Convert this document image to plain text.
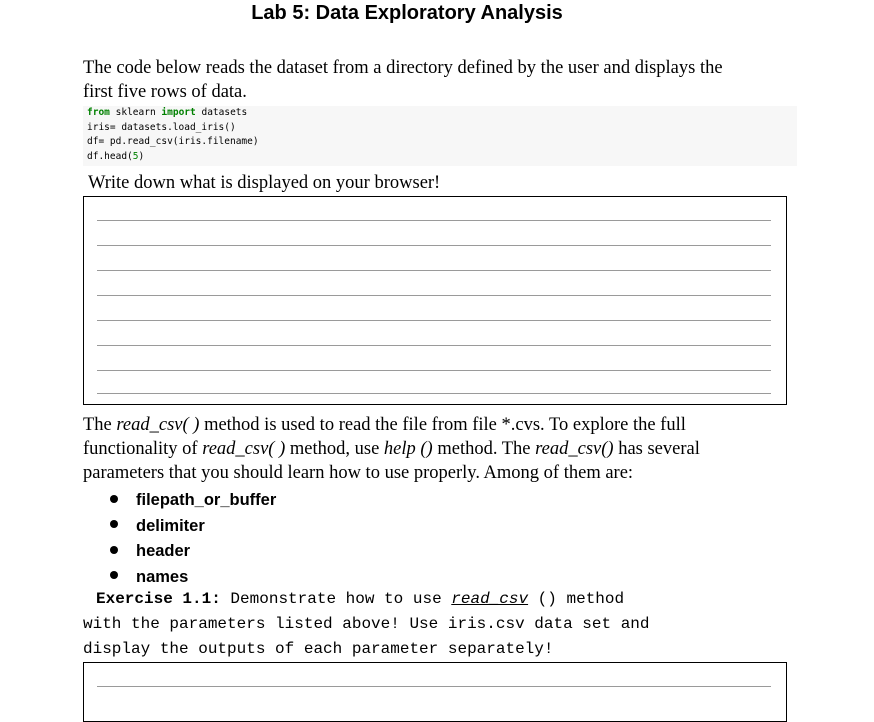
Lab 5: Data Exploratory Analysis
The code below reads the dataset from a directory defined by the user and displays the
first five rows of data.
from sklearn import datasets
iris= datasets.load_iris()
df= pd.read_csv(iris.filename)
df.head(5)
Write down what is displayed on your browser!
The read_csv( ) method is used to read the file from file *.cvs. To explore the full
functionality of read_csv( ) method, use help () method. The read_csv() has several
parameters that you should learn how to use properly. Among of them are:
filepath_or_buffer
delimiter
header
names
Exercise 1.1: Demonstrate how to use read_csv () method
with the parameters listed above! Use iris.csv data set and
display the outputs of each parameter separately!
